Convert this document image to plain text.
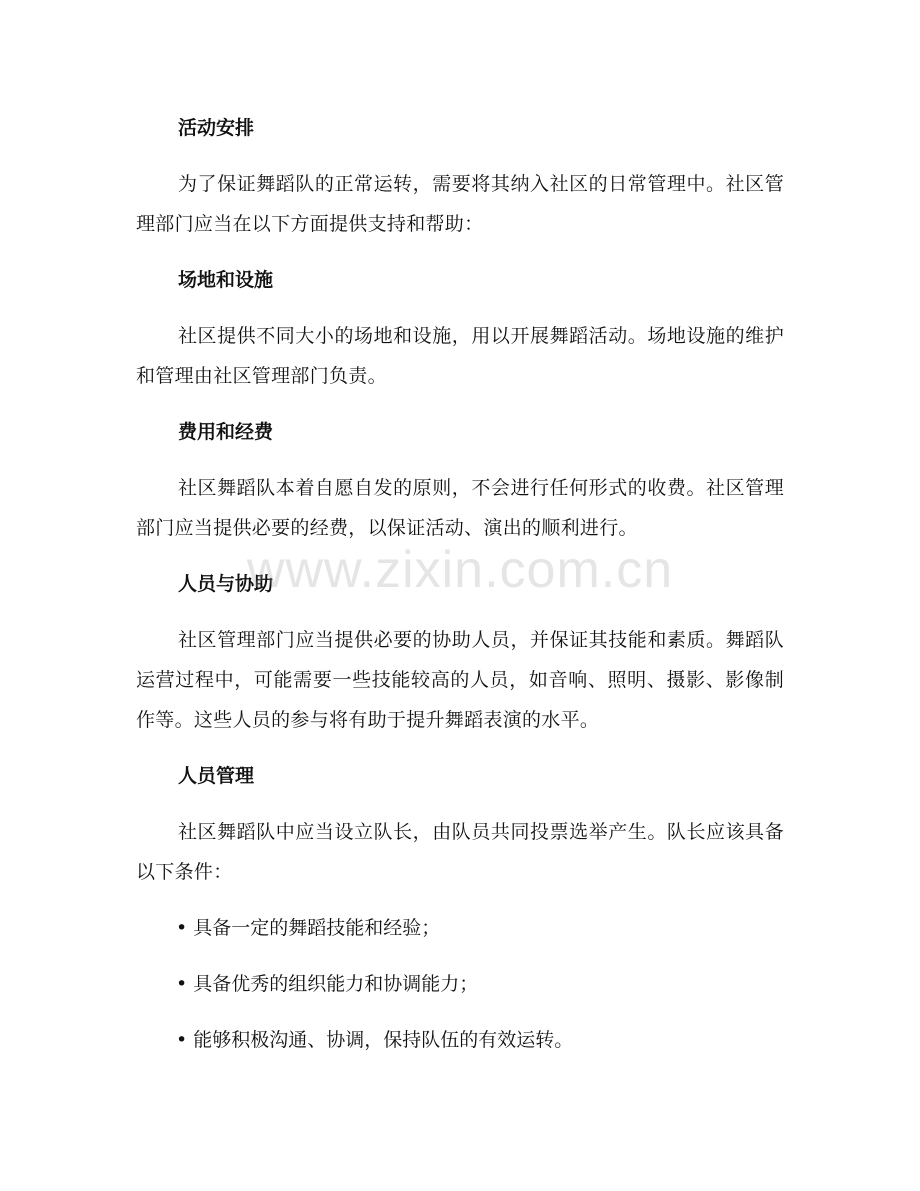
活动安排

为了保证舞蹈队的正常运转，需要将其纳入社区的日常管理中。社区管理部门应当在以下方面提供支持和帮助：

场地和设施

社区提供不同大小的场地和设施，用以开展舞蹈活动。场地设施的维护和管理由社区管理部门负责。

费用和经费

社区舞蹈队本着自愿自发的原则，不会进行任何形式的收费。社区管理部门应当提供必要的经费，以保证活动、演出的顺利进行。

人员与协助

社区管理部门应当提供必要的协助人员，并保证其技能和素质。舞蹈队运营过程中，可能需要一些技能较高的人员，如音响、照明、摄影、影像制作等。这些人员的参与将有助于提升舞蹈表演的水平。

人员管理

社区舞蹈队中应当设立队长，由队员共同投票选举产生。队长应该具备以下条件：

• 具备一定的舞蹈技能和经验；
• 具备优秀的组织能力和协调能力；
• 能够积极沟通、协调，保持队伍的有效运转。
www.zixin.com.cn
